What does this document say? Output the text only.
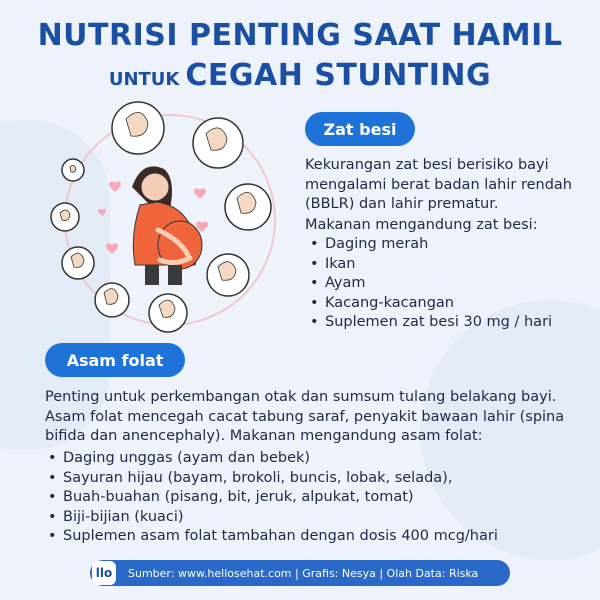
NUTRISI PENTING SAAT HAMIL
UNTUK CEGAH STUNTING
Zat besi
Kekurangan zat besi berisiko bayi mengalami berat badan lahir rendah (BBLR) dan lahir prematur.
Makanan mengandung zat besi:
• Daging merah
• Ikan
• Ayam
• Kacang-kacangan
• Suplemen zat besi 30 mg / hari
Asam folat
Penting untuk perkembangan otak dan sumsum tulang belakang bayi. Asam folat mencegah cacat tabung saraf, penyakit bawaan lahir (spina bifida dan anencephaly). Makanan mengandung asam folat:
• Daging unggas (ayam dan bebek)
• Sayuran hijau (bayam, brokoli, buncis, lobak, selada),
• Buah-buahan (pisang, bit, jeruk, alpukat, tomat)
• Biji-bijian (kuaci)
• Suplemen asam folat tambahan dengan dosis 400 mcg/hari
Sumber: www.hellosehat.com | Grafis: Nesya | Olah Data: Riska
llo
